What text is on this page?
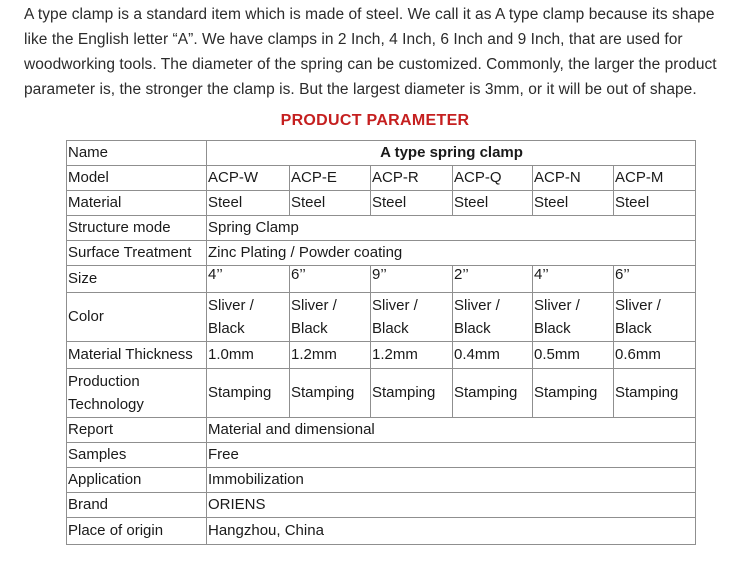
A type clamp is a standard item which is made of steel. We call it as A type clamp because its shape
like the English letter “A”. We have clamps in 2 Inch, 4 Inch, 6 Inch and 9 Inch, that are used for
woodworking tools. The diameter of the spring can be customized. Commonly, the larger the product
parameter is, the stronger the clamp is. But the largest diameter is 3mm, or it will be out of shape.
PRODUCT PARAMETER
Name	A type spring clamp					
Model	ACP-W	ACP-E	ACP-R	ACP-Q	ACP-N	ACP-M
Material	Steel	Steel	Steel	Steel	Steel	Steel
Structure mode	Spring Clamp					
Surface Treatment	Zinc Plating / Powder coating					
Size	4’’	6’’	9’’	2’’	4’’	6’’
Color	Sliver / Black	Sliver / Black	Sliver / Black	Sliver / Black	Sliver / Black	Sliver / Black
Material Thickness	1.0mm	1.2mm	1.2mm	0.4mm	0.5mm	0.6mm
Production Technology	Stamping	Stamping	Stamping	Stamping	Stamping	Stamping
Report	Material and dimensional					
Samples	Free					
Application	Immobilization					
Brand	ORIENS					
Place of origin	Hangzhou, China					
